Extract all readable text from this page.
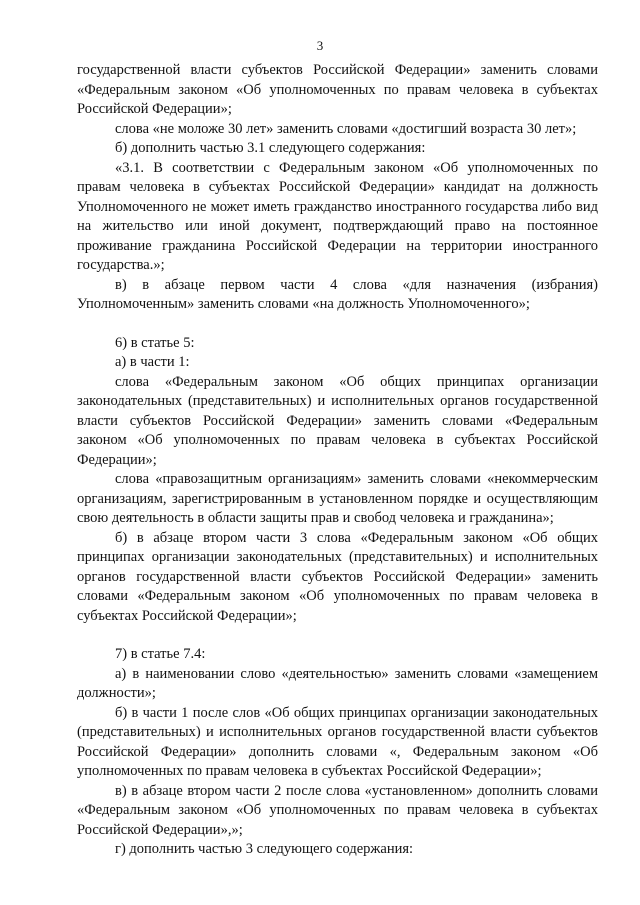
3

государственной власти субъектов Российской Федерации» заменить словами «Федеральным законом «Об уполномоченных по правам человека в субъектах Российской Федерации»;

слова «не моложе 30 лет» заменить словами «достигший возраста 30 лет»;

б) дополнить частью 3.1 следующего содержания:

«3.1. В соответствии с Федеральным законом «Об уполномоченных по правам человека в субъектах Российской Федерации» кандидат на должность Уполномоченного не может иметь гражданство иностранного государства либо вид на жительство или иной документ, подтверждающий право на постоянное проживание гражданина Российской Федерации на территории иностранного государства.»;

в) в абзаце первом части 4 слова «для назначения (избрания) Уполномоченным» заменить словами «на должность Уполномоченного»;

6) в статье 5:

а) в части 1:

слова «Федеральным законом «Об общих принципах организации законодательных (представительных) и исполнительных органов государственной власти субъектов Российской Федерации» заменить словами «Федеральным законом «Об уполномоченных по правам человека в субъектах Российской Федерации»;

слова «правозащитным организациям» заменить словами «некоммерческим организациям, зарегистрированным в установленном порядке и осуществляющим свою деятельность в области защиты прав и свобод человека и гражданина»;

б) в абзаце втором части 3 слова «Федеральным законом «Об общих принципах организации законодательных (представительных) и исполнительных органов государственной власти субъектов Российской Федерации» заменить словами «Федеральным законом «Об уполномоченных по правам человека в субъектах Российской Федерации»;

7) в статье 7.4:

а) в наименовании слово «деятельностью» заменить словами «замещением должности»;

б) в части 1 после слов «Об общих принципах организации законодательных (представительных) и исполнительных органов государственной власти субъектов Российской Федерации» дополнить словами «, Федеральным законом «Об уполномоченных по правам человека в субъектах Российской Федерации»;

в) в абзаце втором части 2 после слова «установленном» дополнить словами «Федеральным законом «Об уполномоченных по правам человека в субъектах Российской Федерации»,»;

г) дополнить частью 3 следующего содержания:
